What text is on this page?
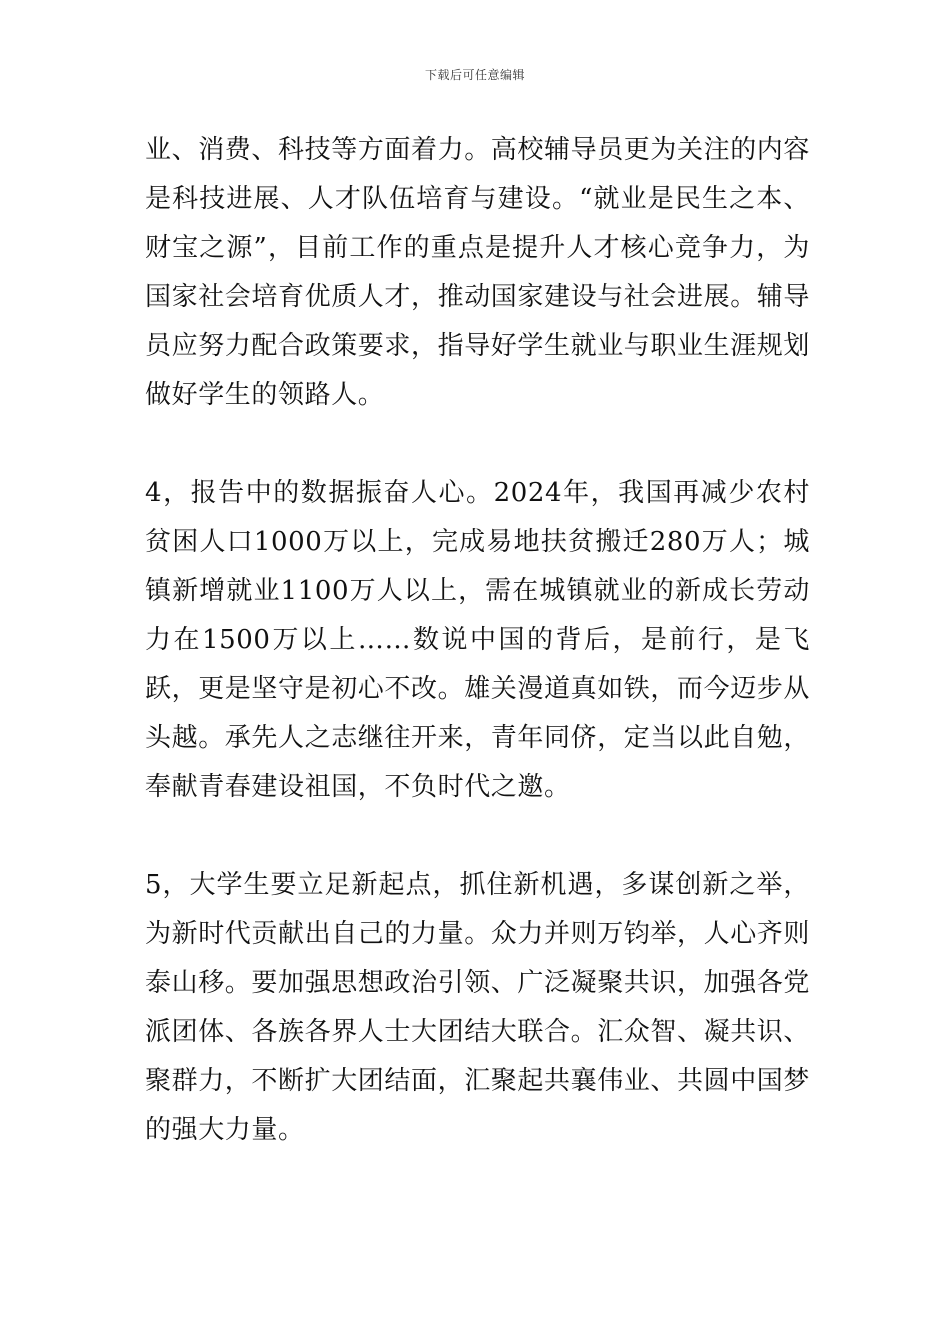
下载后可任意编辑

业、消费、科技等方面着力。高校辅导员更为关注的内容是科技进展、人才队伍培育与建设。“就业是民生之本、财宝之源”，目前工作的重点是提升人才核心竞争力，为国家社会培育优质人才，推动国家建设与社会进展。辅导员应努力配合政策要求，指导好学生就业与职业生涯规划做好学生的领路人。

4，报告中的数据振奋人心。2024年，我国再减少农村贫困人口1000万以上，完成易地扶贫搬迁280万人；城镇新增就业1100万人以上，需在城镇就业的新成长劳动力在1500万以上……数说中国的背后，是前行，是飞跃，更是坚守是初心不改。雄关漫道真如铁，而今迈步从头越。承先人之志继往开来，青年同侪，定当以此自勉，奉献青春建设祖国，不负时代之邀。

5，大学生要立足新起点，抓住新机遇，多谋创新之举，为新时代贡献出自己的力量。众力并则万钧举，人心齐则泰山移。要加强思想政治引领、广泛凝聚共识，加强各党派团体、各族各界人士大团结大联合。汇众智、凝共识、聚群力，不断扩大团结面，汇聚起共襄伟业、共圆中国梦的强大力量。
